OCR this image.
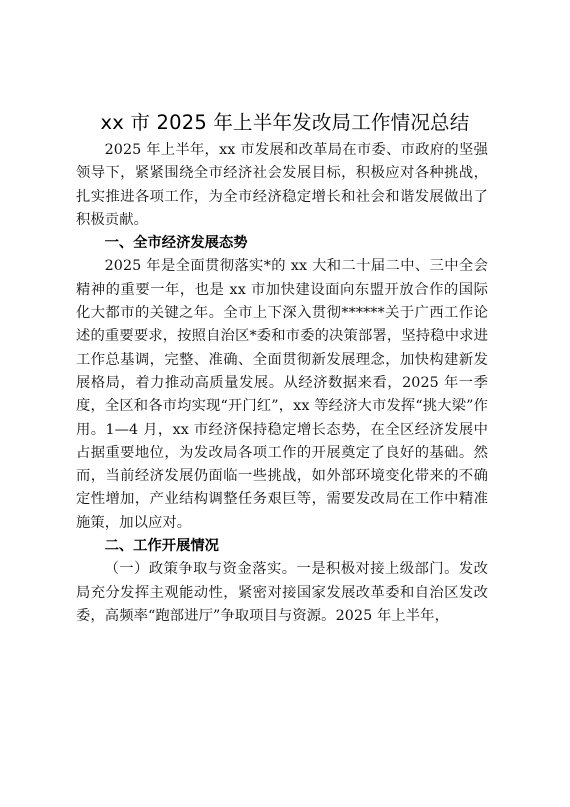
xx 市 2025 年上半年发改局工作情况总结

2025 年上半年，xx 市发展和改革局在市委、市政府的坚强领导下，紧紧围绕全市经济社会发展目标，积极应对各种挑战，扎实推进各项工作，为全市经济稳定增长和社会和谐发展做出了积极贡献。

一、全市经济发展态势

2025 年是全面贯彻落实*的 xx 大和二十届二中、三中全会精神的重要一年，也是 xx 市加快建设面向东盟开放合作的国际化大都市的关键之年。全市上下深入贯彻******关于广西工作论述的重要要求，按照自治区*委和市委的决策部署，坚持稳中求进工作总基调，完整、准确、全面贯彻新发展理念，加快构建新发展格局，着力推动高质量发展。从经济数据来看，2025 年一季度，全区和各市均实现“开门红”，xx 等经济大市发挥“挑大梁”作用。1—4 月，xx 市经济保持稳定增长态势，在全区经济发展中占据重要地位，为发改局各项工作的开展奠定了良好的基础。然而，当前经济发展仍面临一些挑战，如外部环境变化带来的不确定性增加，产业结构调整任务艰巨等，需要发改局在工作中精准施策，加以应对。

二、工作开展情况

（一）政策争取与资金落实。一是积极对接上级部门。发改局充分发挥主观能动性，紧密对接国家发展改革委和自治区发改委，高频率“跑部进厅”争取项目与资源。2025 年上半年，
